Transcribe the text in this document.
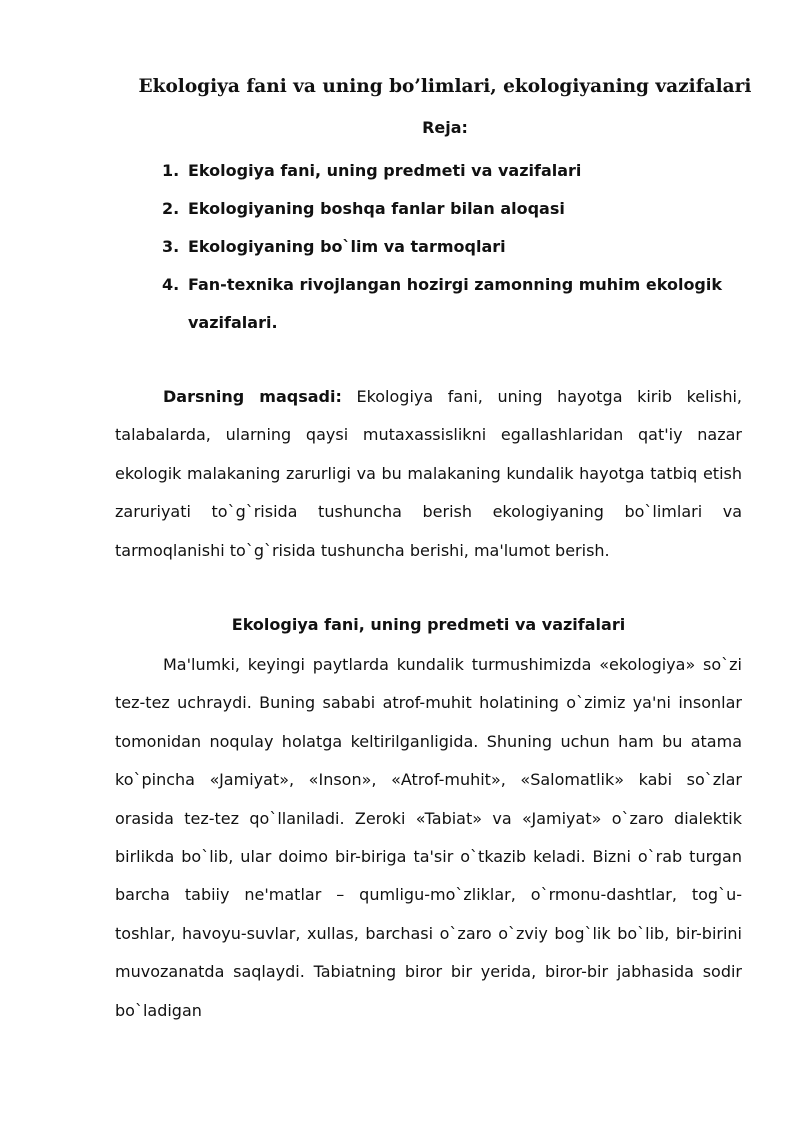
Ekologiya fani va uning bo’limlari, ekologiyaning vazifalari
Reja:
1. Ekologiya fani, uning predmeti va vazifalari
2. Ekologiyaning boshqa fanlar bilan aloqasi
3. Ekologiyaning bo`lim va tarmoqlari
4. Fan-texnika rivojlangan hozirgi zamonning muhim ekologik vazifalari.

Darsning maqsadi: Ekologiya fani, uning hayotga kirib kelishi, talabalarda, ularning qaysi mutaxassislikni egallashlaridan qat'iy nazar ekologik malakaning zarurligi va bu malakaning kundalik hayotga tatbiq etish zaruriyati to`g`risida tushuncha berish ekologiyaning bo`limlari va tarmoqlanishi to`g`risida tushuncha berishi, ma'lumot berish.

Ekologiya fani, uning predmeti va vazifalari

Ma'lumki, keyingi paytlarda kundalik turmushimizda «ekologiya» so`zi tez-tez uchraydi. Buning sababi atrof-muhit holatining o`zimiz ya'ni insonlar tomonidan noqulay holatga keltirilganligida. Shuning uchun ham bu atama ko`pincha «Jamiyat», «Inson», «Atrof-muhit», «Salomatlik» kabi so`zlar orasida tez-tez qo`llaniladi. Zeroki «Tabiat» va «Jamiyat» o`zaro dialektik birlikda bo`lib, ular doimo bir-biriga ta'sir o`tkazib keladi. Bizni o`rab turgan barcha tabiiy ne'matlar – qumligu-mo`zliklar, o`rmonu-dashtlar, tog`u-toshlar, havoyu-suvlar, xullas, barchasi o`zaro o`zviy bog`lik bo`lib, bir-birini muvozanatda saqlaydi. Tabiatning biror bir yerida, biror-bir jabhasida sodir bo`ladigan
